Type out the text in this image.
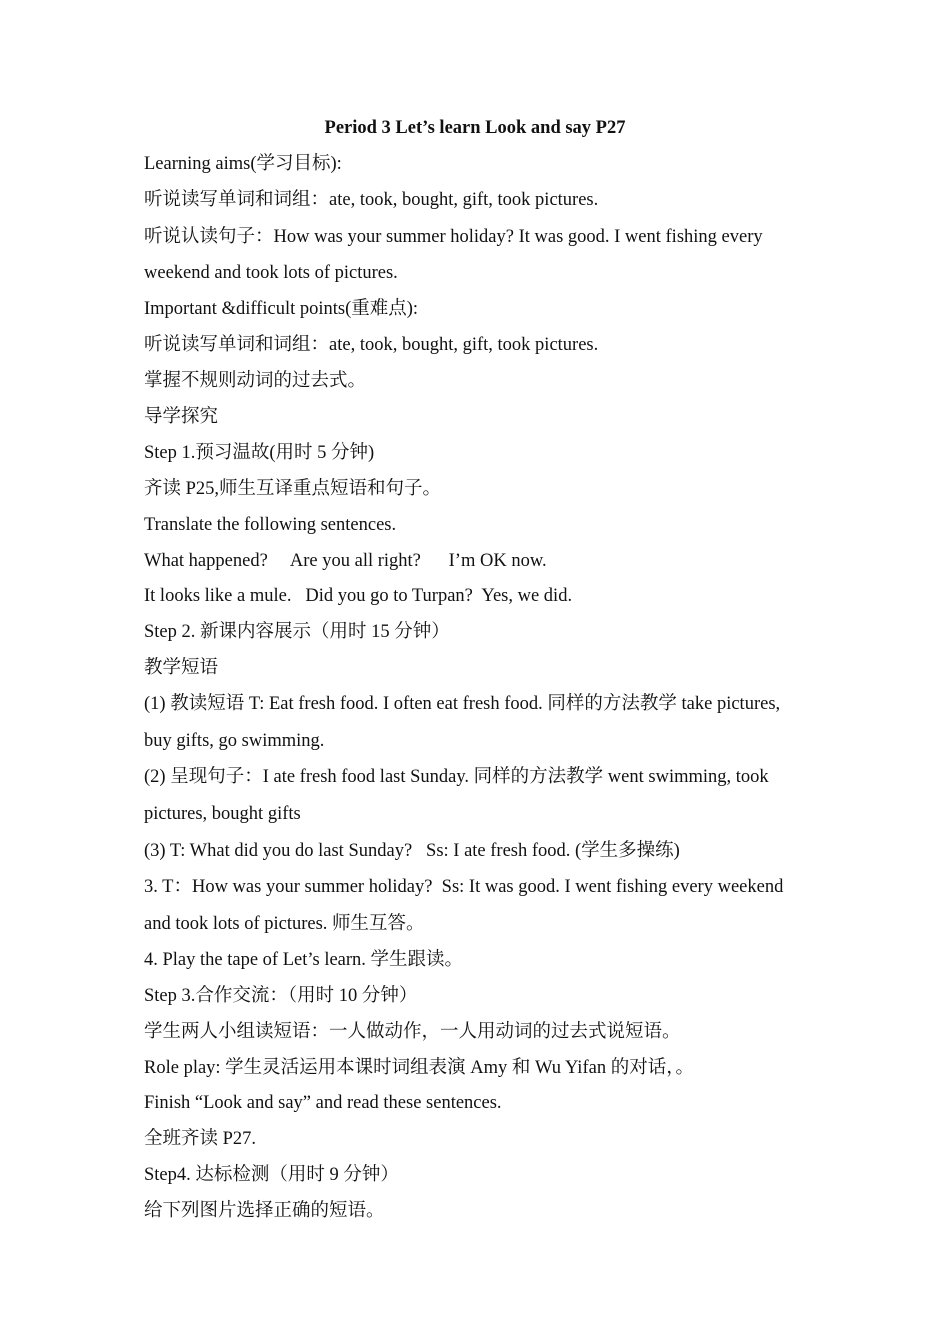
Period 3 Let’s learn Look and say P27
Learning aims(学习目标):
听说读写单词和词组：ate, took, bought, gift, took pictures.
听说认读句子：How was your summer holiday? It was good. I went fishing every
weekend and took lots of pictures.
Important &difficult points(重难点):
听说读写单词和词组：ate, took, bought, gift, took pictures.
掌握不规则动词的过去式。
导学探究
Step 1.预习温故(用时 5 分钟)
齐读 P25,师生互译重点短语和句子。
Translate the following sentences.
What happened?     Are you all right?      I’m OK now.
It looks like a mule.   Did you go to Turpan?  Yes, we did.
Step 2. 新课内容展示（用时 15 分钟）
教学短语
(1) 教读短语 T: Eat fresh food. I often eat fresh food. 同样的方法教学 take pictures,
buy gifts, go swimming.
(2) 呈现句子：I ate fresh food last Sunday. 同样的方法教学 went swimming, took
pictures, bought gifts
(3) T: What did you do last Sunday?   Ss: I ate fresh food. (学生多操练)
3. T：How was your summer holiday?  Ss: It was good. I went fishing every weekend
and took lots of pictures. 师生互答。
4. Play the tape of Let’s learn. 学生跟读。
Step 3.合作交流：（用时 10 分钟）
学生两人小组读短语：一人做动作，一人用动词的过去式说短语。
Role play: 学生灵活运用本课时词组表演 Amy 和 Wu Yifan 的对话，。
Finish “Look and say” and read these sentences.
全班齐读 P27.
Step4. 达标检测（用时 9 分钟）
给下列图片选择正确的短语。
